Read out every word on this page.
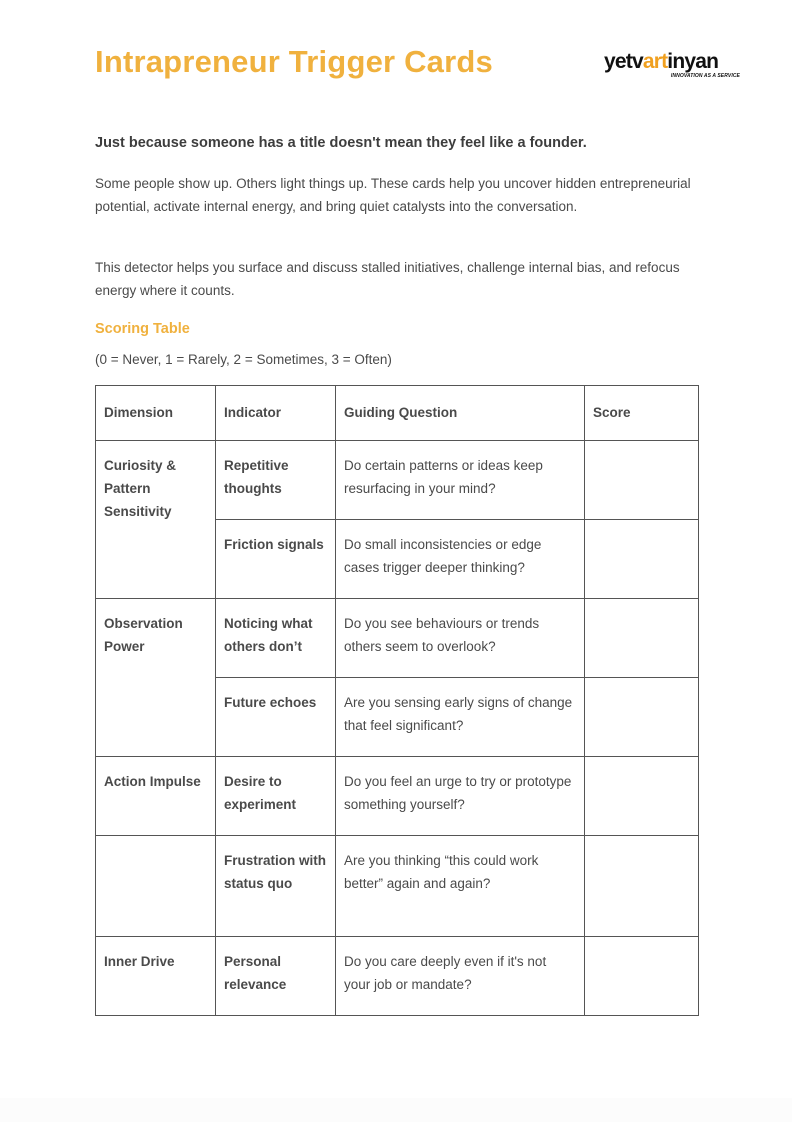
Intrapreneur Trigger Cards	yetvartinyan
INNOVATION AS A SERVICE

Just because someone has a title doesn't mean they feel like a founder.

Some people show up. Others light things up. These cards help you uncover hidden entrepreneurial potential, activate internal energy, and bring quiet catalysts into the conversation.

This detector helps you surface and discuss stalled initiatives, challenge internal bias, and refocus energy where it counts.

Scoring Table

(0 = Never, 1 = Rarely, 2 = Sometimes, 3 = Often)

Dimension	Indicator	Guiding Question	Score
Curiosity & Pattern Sensitivity	Repetitive thoughts	Do certain patterns or ideas keep resurfacing in your mind?	
	Friction signals	Do small inconsistencies or edge cases trigger deeper thinking?	
Observation Power	Noticing what others don’t	Do you see behaviours or trends others seem to overlook?	
	Future echoes	Are you sensing early signs of change that feel significant?	
Action Impulse	Desire to experiment	Do you feel an urge to try or prototype something yourself?	
	Frustration with status quo	Are you thinking “this could work better” again and again?	
Inner Drive	Personal relevance	Do you care deeply even if it's not your job or mandate?	
